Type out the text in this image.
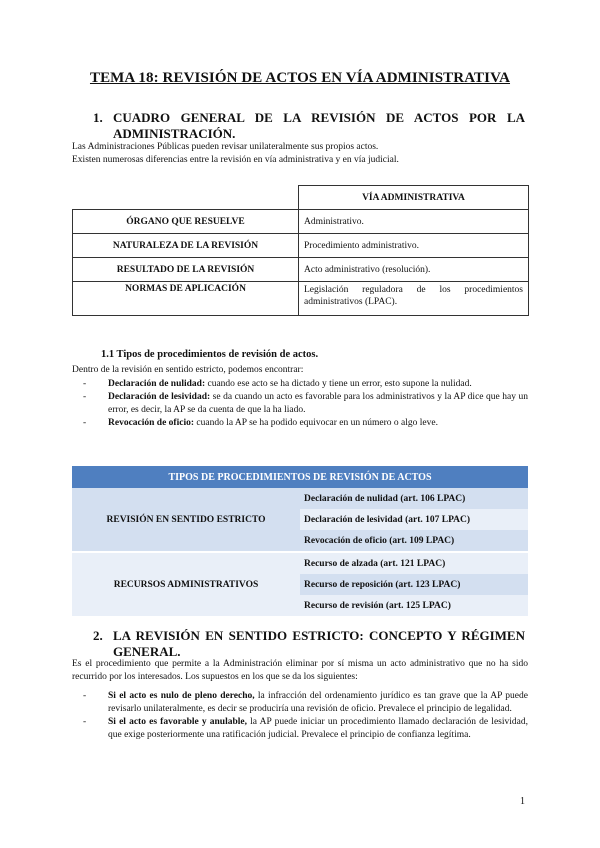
TEMA 18: REVISIÓN DE ACTOS EN VÍA ADMINISTRATIVA
1. CUADRO GENERAL DE LA REVISIÓN DE ACTOS POR LA ADMINISTRACIÓN.
Las Administraciones Públicas pueden revisar unilateralmente sus propios actos.
Existen numerosas diferencias entre la revisión en vía administrativa y en vía judicial.
	VÍA ADMINISTRATIVA
ÓRGANO QUE RESUELVE	Administrativo.
NATURALEZA DE LA REVISIÓN	Procedimiento administrativo.
RESULTADO DE LA REVISIÓN	Acto administrativo (resolución).
NORMAS DE APLICACIÓN	Legislación reguladora de los procedimientos administrativos (LPAC).
1.1 Tipos de procedimientos de revisión de actos.
Dentro de la revisión en sentido estricto, podemos encontrar:
- Declaración de nulidad: cuando ese acto se ha dictado y tiene un error, esto supone la nulidad.
- Declaración de lesividad: se da cuando un acto es favorable para los administrativos y la AP dice que hay un error, es decir, la AP se da cuenta de que la ha liado.
- Revocación de oficio: cuando la AP se ha podido equivocar en un número o algo leve.
TIPOS DE PROCEDIMIENTOS DE REVISIÓN DE ACTOS	
REVISIÓN EN SENTIDO ESTRICTO	Declaración de nulidad (art. 106 LPAC)
	Declaración de lesividad (art. 107 LPAC)
	Revocación de oficio (art. 109 LPAC)
RECURSOS ADMINISTRATIVOS	Recurso de alzada (art. 121 LPAC)
	Recurso de reposición (art. 123 LPAC)
	Recurso de revisión (art. 125 LPAC)
2. LA REVISIÓN EN SENTIDO ESTRICTO: CONCEPTO Y RÉGIMEN GENERAL.
Es el procedimiento que permite a la Administración eliminar por sí misma un acto administrativo que no ha sido recurrido por los interesados. Los supuestos en los que se da los siguientes:
- Si el acto es nulo de pleno derecho, la infracción del ordenamiento jurídico es tan grave que la AP puede revisarlo unilateralmente, es decir se produciría una revisión de oficio. Prevalece el principio de legalidad.
- Si el acto es favorable y anulable, la AP puede iniciar un procedimiento llamado declaración de lesividad, que exige posteriormente una ratificación judicial. Prevalece el principio de confianza legítima.
1
